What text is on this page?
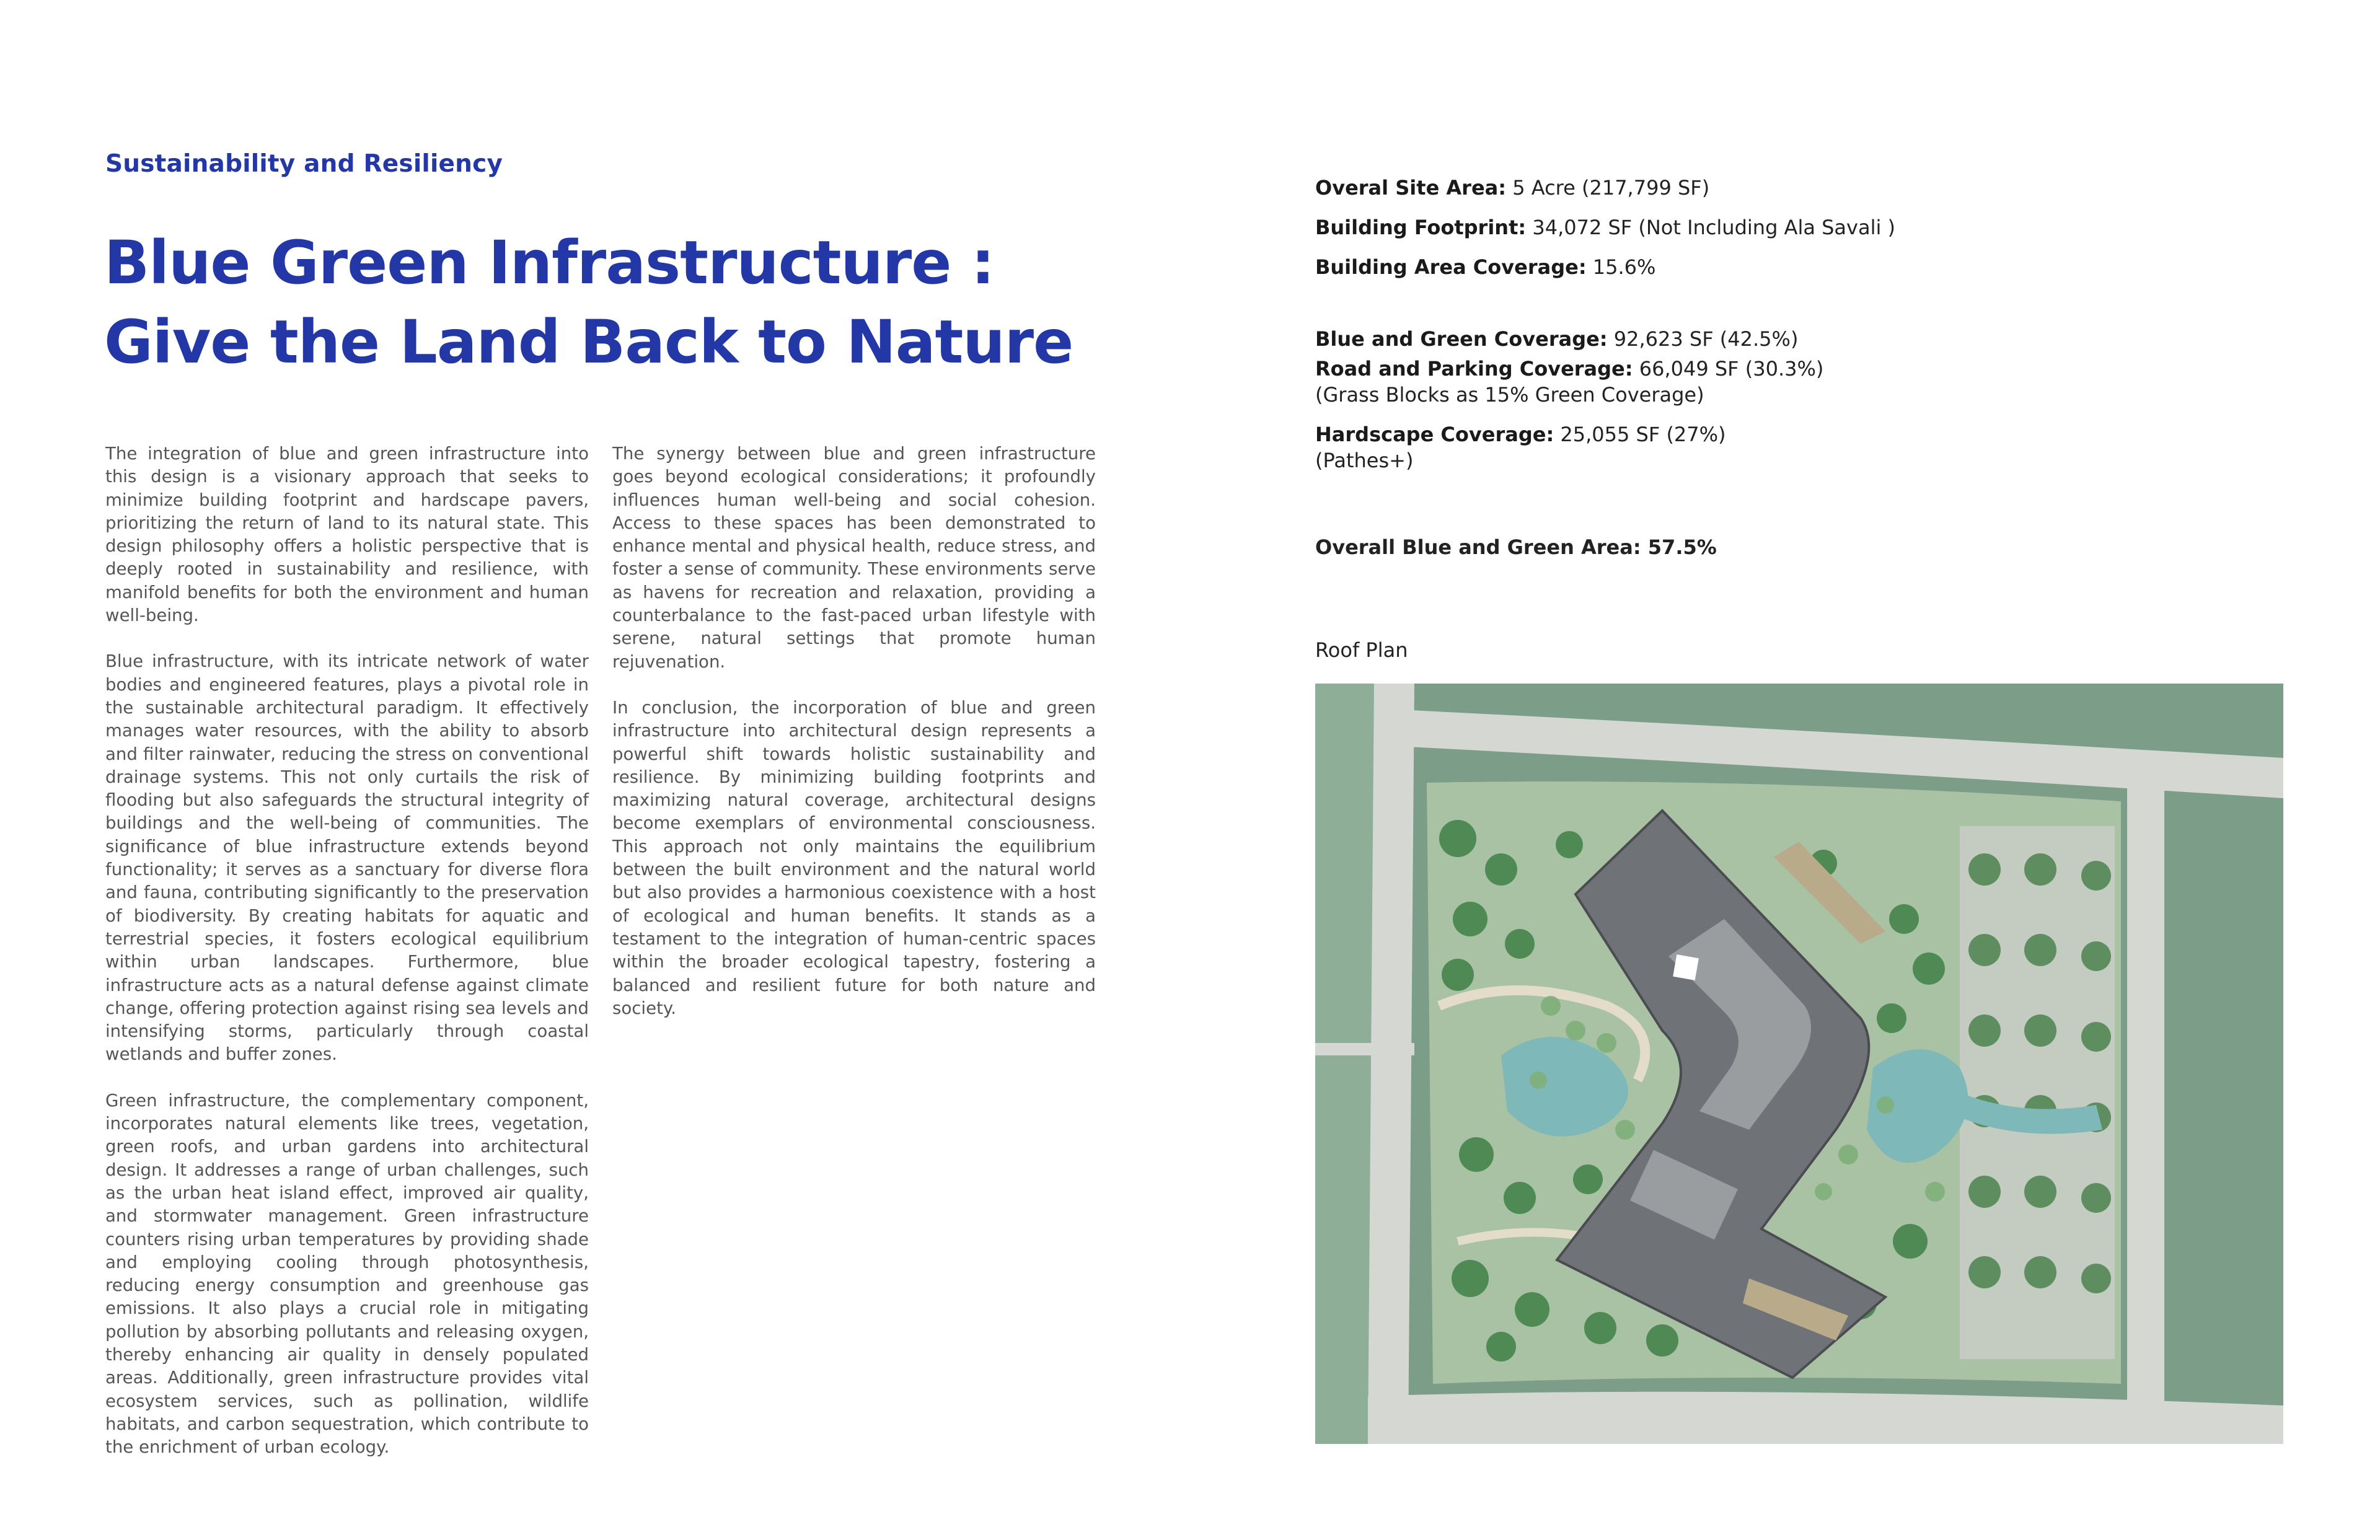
Sustainability and Resiliency
Blue Green Infrastructure :
Give the Land Back to Nature

The integration of blue and green infrastructure into this design is a visionary approach that seeks to minimize building footprint and hardscape pavers, prioritizing the return of land to its natural state. This design philosophy offers a holistic perspective that is deeply rooted in sustainability and resilience, with manifold benefits for both the environment and human well-being.

Blue infrastructure, with its intricate network of water bodies and engineered features, plays a pivotal role in the sustainable architectural paradigm. It effectively manages water resources, with the ability to absorb and filter rainwater, reducing the stress on conventional drainage systems. This not only curtails the risk of flooding but also safeguards the structural integrity of buildings and the well-being of communities. The significance of blue infrastructure extends beyond functionality; it serves as a sanctuary for diverse flora and fauna, contributing significantly to the preservation of biodiversity. By creating habitats for aquatic and terrestrial species, it fosters ecological equilibrium within urban landscapes. Furthermore, blue infrastructure acts as a natural defense against climate change, offering protection against rising sea levels and intensifying storms, particularly through coastal wetlands and buffer zones.

Green infrastructure, the complementary component, incorporates natural elements like trees, vegetation, green roofs, and urban gardens into architectural design. It addresses a range of urban challenges, such as the urban heat island effect, improved air quality, and stormwater management. Green infrastructure counters rising urban temperatures by providing shade and employing cooling through photosynthesis, reducing energy consumption and greenhouse gas emissions. It also plays a crucial role in mitigating pollution by absorbing pollutants and releasing oxygen, thereby enhancing air quality in densely populated areas. Additionally, green infrastructure provides vital ecosystem services, such as pollination, wildlife habitats, and carbon sequestration, which contribute to the enrichment of urban ecology.

The synergy between blue and green infrastructure goes beyond ecological considerations; it profoundly influences human well-being and social cohesion. Access to these spaces has been demonstrated to enhance mental and physical health, reduce stress, and foster a sense of community. These environments serve as havens for recreation and relaxation, providing a counterbalance to the fast-paced urban lifestyle with serene, natural settings that promote human rejuvenation.

In conclusion, the incorporation of blue and green infrastructure into architectural design represents a powerful shift towards holistic sustainability and resilience. By minimizing building footprints and maximizing natural coverage, architectural designs become exemplars of environmental consciousness. This approach not only maintains the equilibrium between the built environment and the natural world but also provides a harmonious coexistence with a host of ecological and human benefits. It stands as a testament to the integration of human-centric spaces within the broader ecological tapestry, fostering a balanced and resilient future for both nature and society.

Overal Site Area: 5 Acre (217,799 SF)
Building Footprint: 34,072 SF (Not Including Ala Savali )
Building Area Coverage: 15.6%
Blue and Green Coverage: 92,623 SF (42.5%)
Road and Parking Coverage: 66,049 SF (30.3%)
(Grass Blocks as 15% Green Coverage)
Hardscape Coverage: 25,055 SF (27%)
(Pathes+)
Overall Blue and Green Area: 57.5%
Roof Plan
